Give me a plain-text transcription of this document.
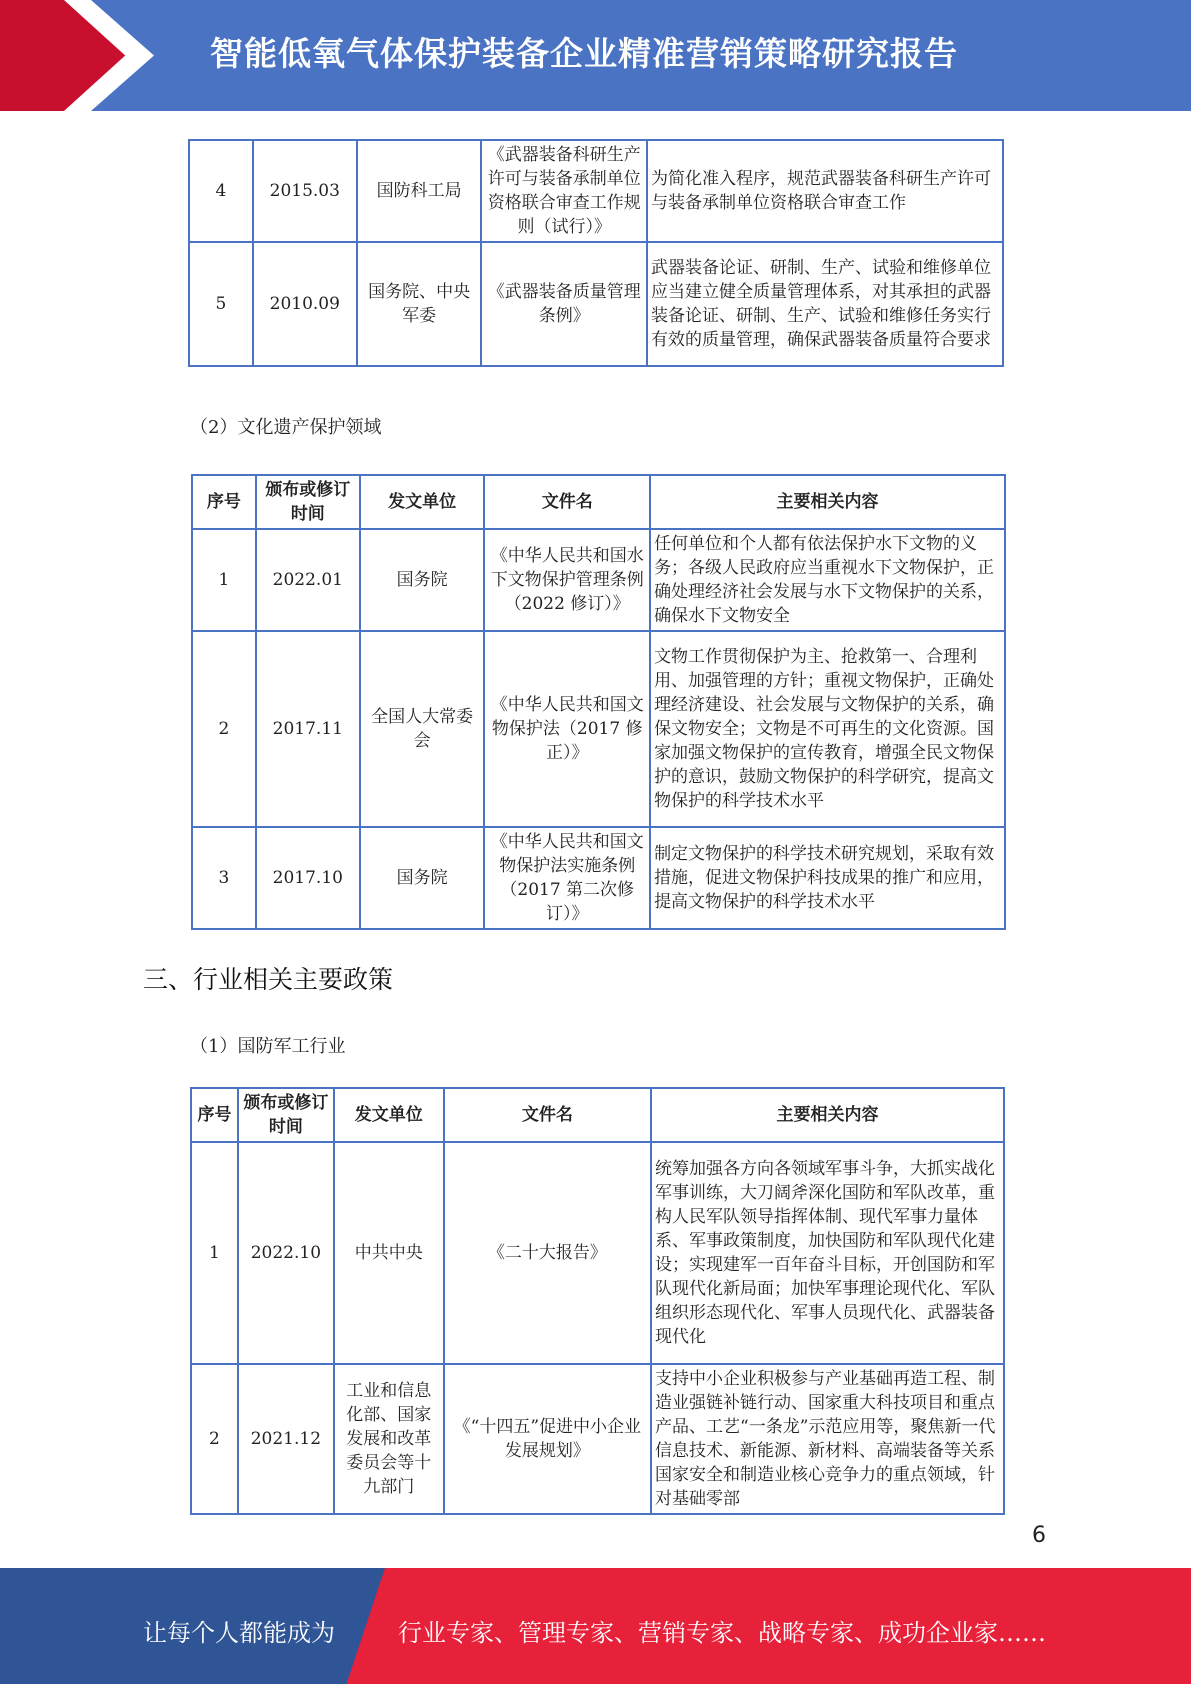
智能低氧气体保护装备企业精准营销策略研究报告
4	2015.03	国防科工局	《武器装备科研生产许可与装备承制单位资格联合审查工作规则（试行）》	为简化准入程序，规范武器装备科研生产许可与装备承制单位资格联合审查工作
5	2010.09	国务院、中央军委	《武器装备质量管理条例》	武器装备论证、研制、生产、试验和维修单位应当建立健全质量管理体系，对其承担的武器装备论证、研制、生产、试验和维修任务实行有效的质量管理，确保武器装备质量符合要求
（2）文化遗产保护领域
序号	颁布或修订时间	发文单位	文件名	主要相关内容
1	2022.01	国务院	《中华人民共和国水下文物保护管理条例（2022 修订）》	任何单位和个人都有依法保护水下文物的义务；各级人民政府应当重视水下文物保护，正确处理经济社会发展与水下文物保护的关系，确保水下文物安全
2	2017.11	全国人大常委会	《中华人民共和国文物保护法（2017 修正）》	文物工作贯彻保护为主、抢救第一、合理利用、加强管理的方针；重视文物保护，正确处理经济建设、社会发展与文物保护的关系，确保文物安全；文物是不可再生的文化资源。国家加强文物保护的宣传教育，增强全民文物保护的意识，鼓励文物保护的科学研究，提高文物保护的科学技术水平
3	2017.10	国务院	《中华人民共和国文物保护法实施条例（2017 第二次修订）》	制定文物保护的科学技术研究规划，采取有效措施，促进文物保护科技成果的推广和应用，提高文物保护的科学技术水平
三、行业相关主要政策
（1）国防军工行业
序号	颁布或修订时间	发文单位	文件名	主要相关内容
1	2022.10	中共中央	《二十大报告》	统筹加强各方向各领域军事斗争，大抓实战化军事训练，大刀阔斧深化国防和军队改革，重构人民军队领导指挥体制、现代军事力量体系、军事政策制度，加快国防和军队现代化建设；实现建军一百年奋斗目标，开创国防和军队现代化新局面；加快军事理论现代化、军队组织形态现代化、军事人员现代化、武器装备现代化
2	2021.12	工业和信息化部、国家发展和改革委员会等十九部门	《“十四五”促进中小企业发展规划》	支持中小企业积极参与产业基础再造工程、制造业强链补链行动、国家重大科技项目和重点产品、工艺“一条龙”示范应用等，聚焦新一代信息技术、新能源、新材料、高端装备等关系国家安全和制造业核心竞争力的重点领域，针对基础零部
6
让每个人都能成为	行业专家、管理专家、营销专家、战略专家、成功企业家……
